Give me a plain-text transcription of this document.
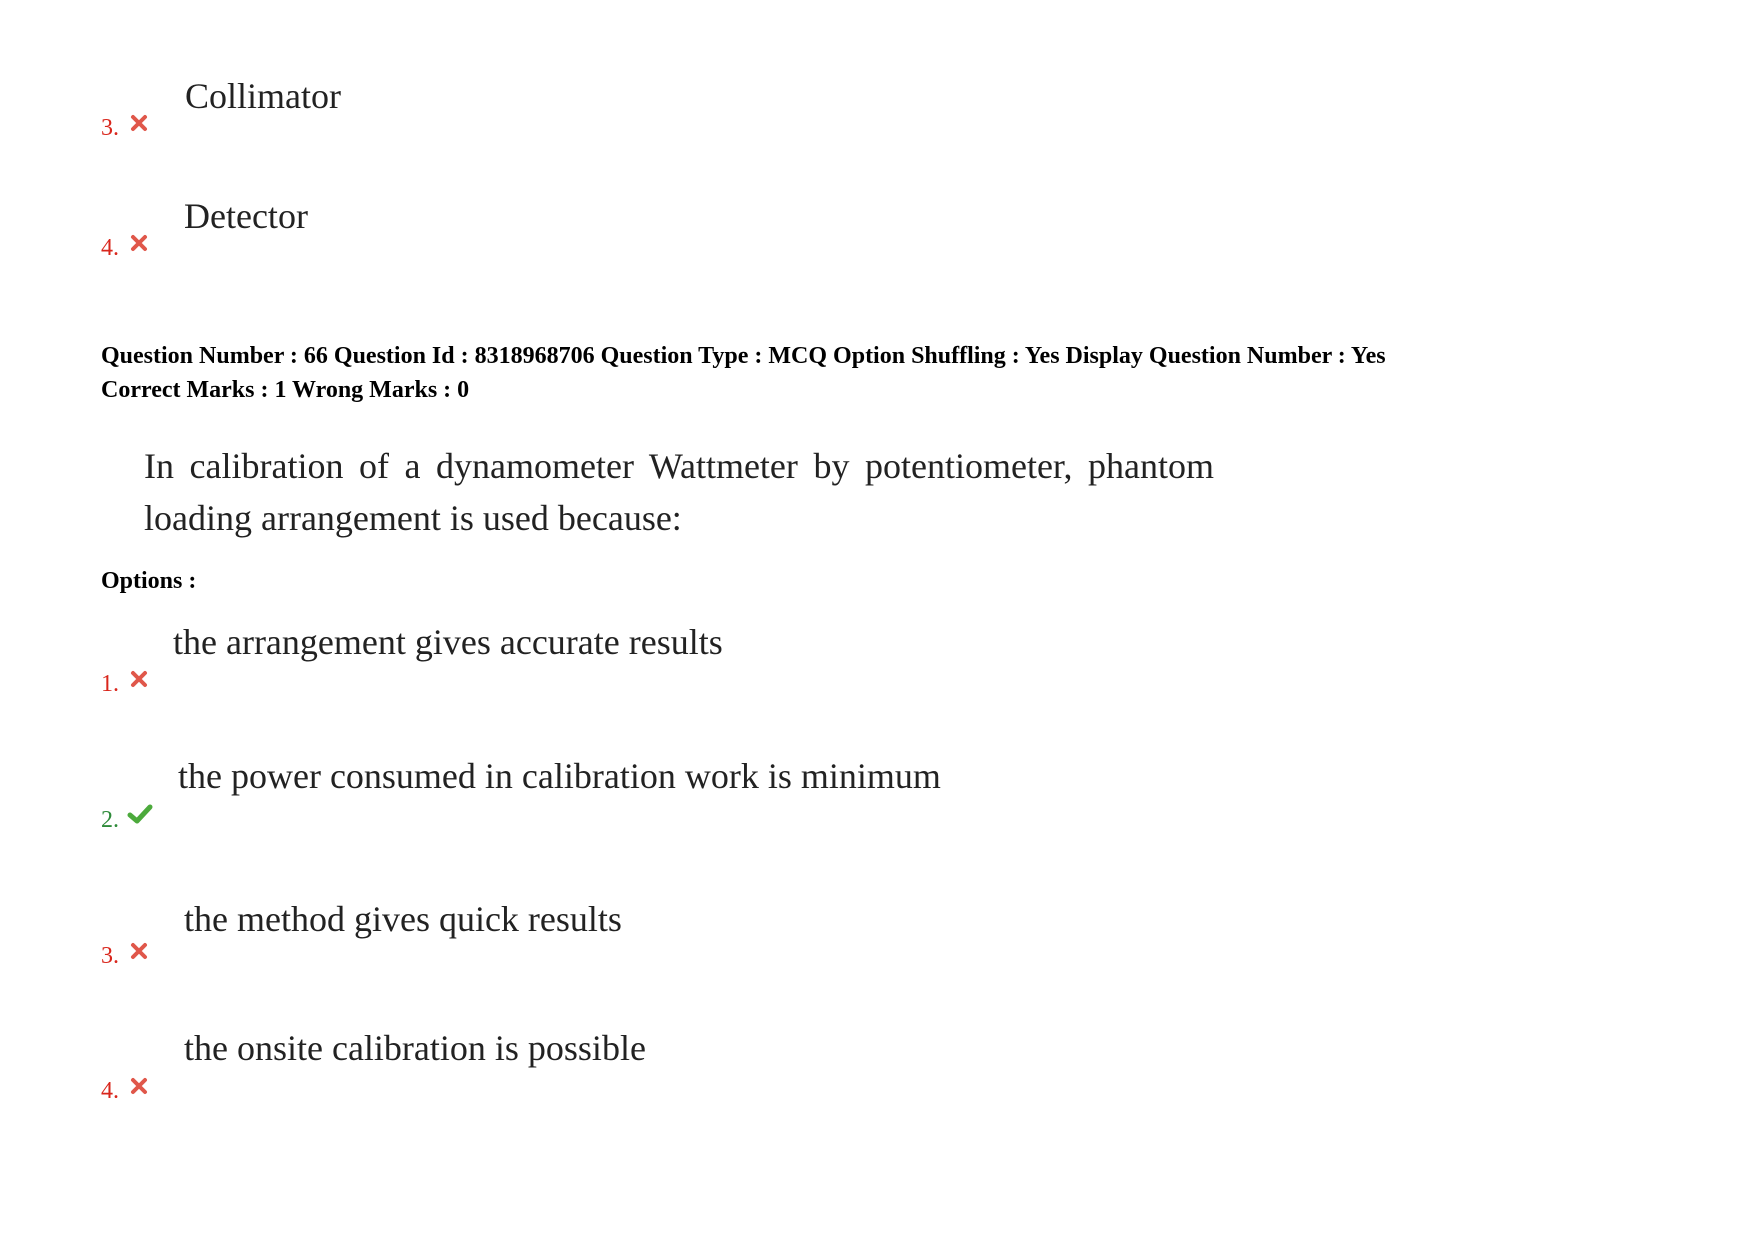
3.
Collimator
4.
Detector
Question Number : 66 Question Id : 8318968706 Question Type : MCQ Option Shuffling : Yes Display Question Number : Yes
Correct Marks : 1 Wrong Marks : 0
In calibration of a dynamometer Wattmeter by potentiometer, phantom loading arrangement is used because:
Options :
1.
the arrangement gives accurate results
2.
the power consumed in calibration work is minimum
3.
the method gives quick results
4.
the onsite calibration is possible
